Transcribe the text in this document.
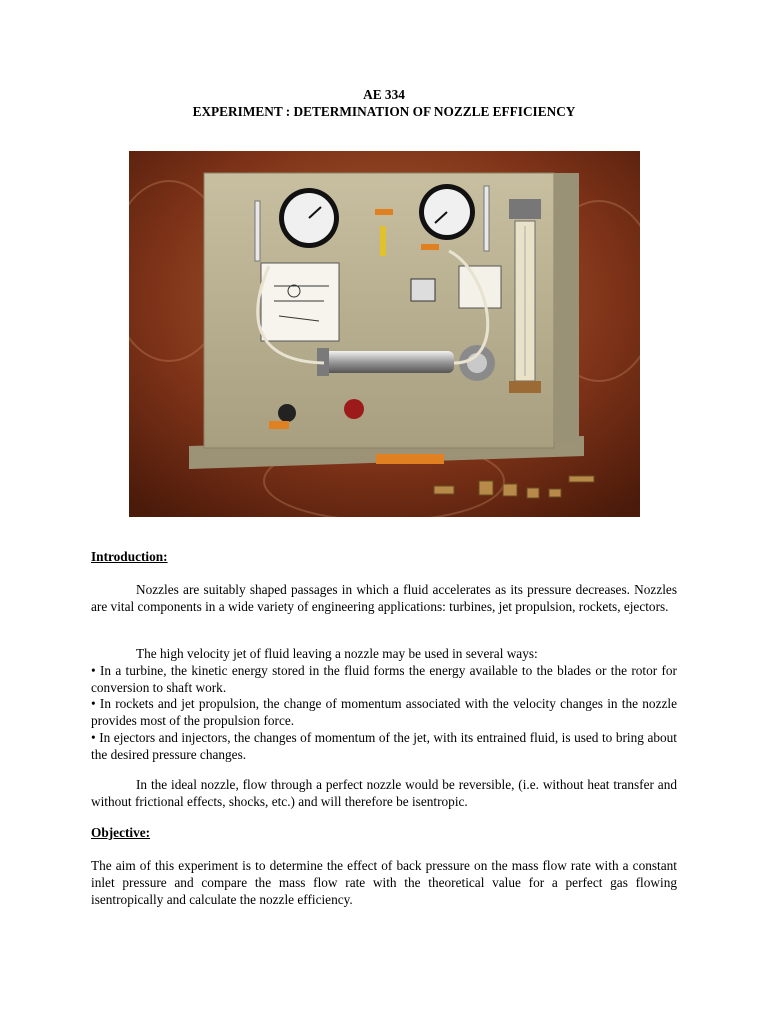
AE 334
EXPERIMENT : DETERMINATION OF NOZZLE EFFICIENCY

Introduction:

Nozzles are suitably shaped passages in which a fluid accelerates as its pressure decreases. Nozzles are vital components in a wide variety of engineering applications: turbines, jet propulsion, rockets, ejectors.

The high velocity jet of fluid leaving a nozzle may be used in several ways:

• In a turbine, the kinetic energy stored in the fluid forms the energy available to the blades or the rotor for conversion to shaft work.

• In rockets and jet propulsion, the change of momentum associated with the velocity changes in the nozzle provides most of the propulsion force.

• In ejectors and injectors, the changes of momentum of the jet, with its entrained fluid, is used to bring about the desired pressure changes.

In the ideal nozzle, flow through a perfect nozzle would be reversible, (i.e. without heat transfer and without frictional effects, shocks, etc.) and will therefore be isentropic.

Objective:

The aim of this experiment is to determine the effect of back pressure on the mass flow rate with a constant inlet pressure and compare the mass flow rate with the theoretical value for a perfect gas flowing isentropically and calculate the nozzle efficiency.
